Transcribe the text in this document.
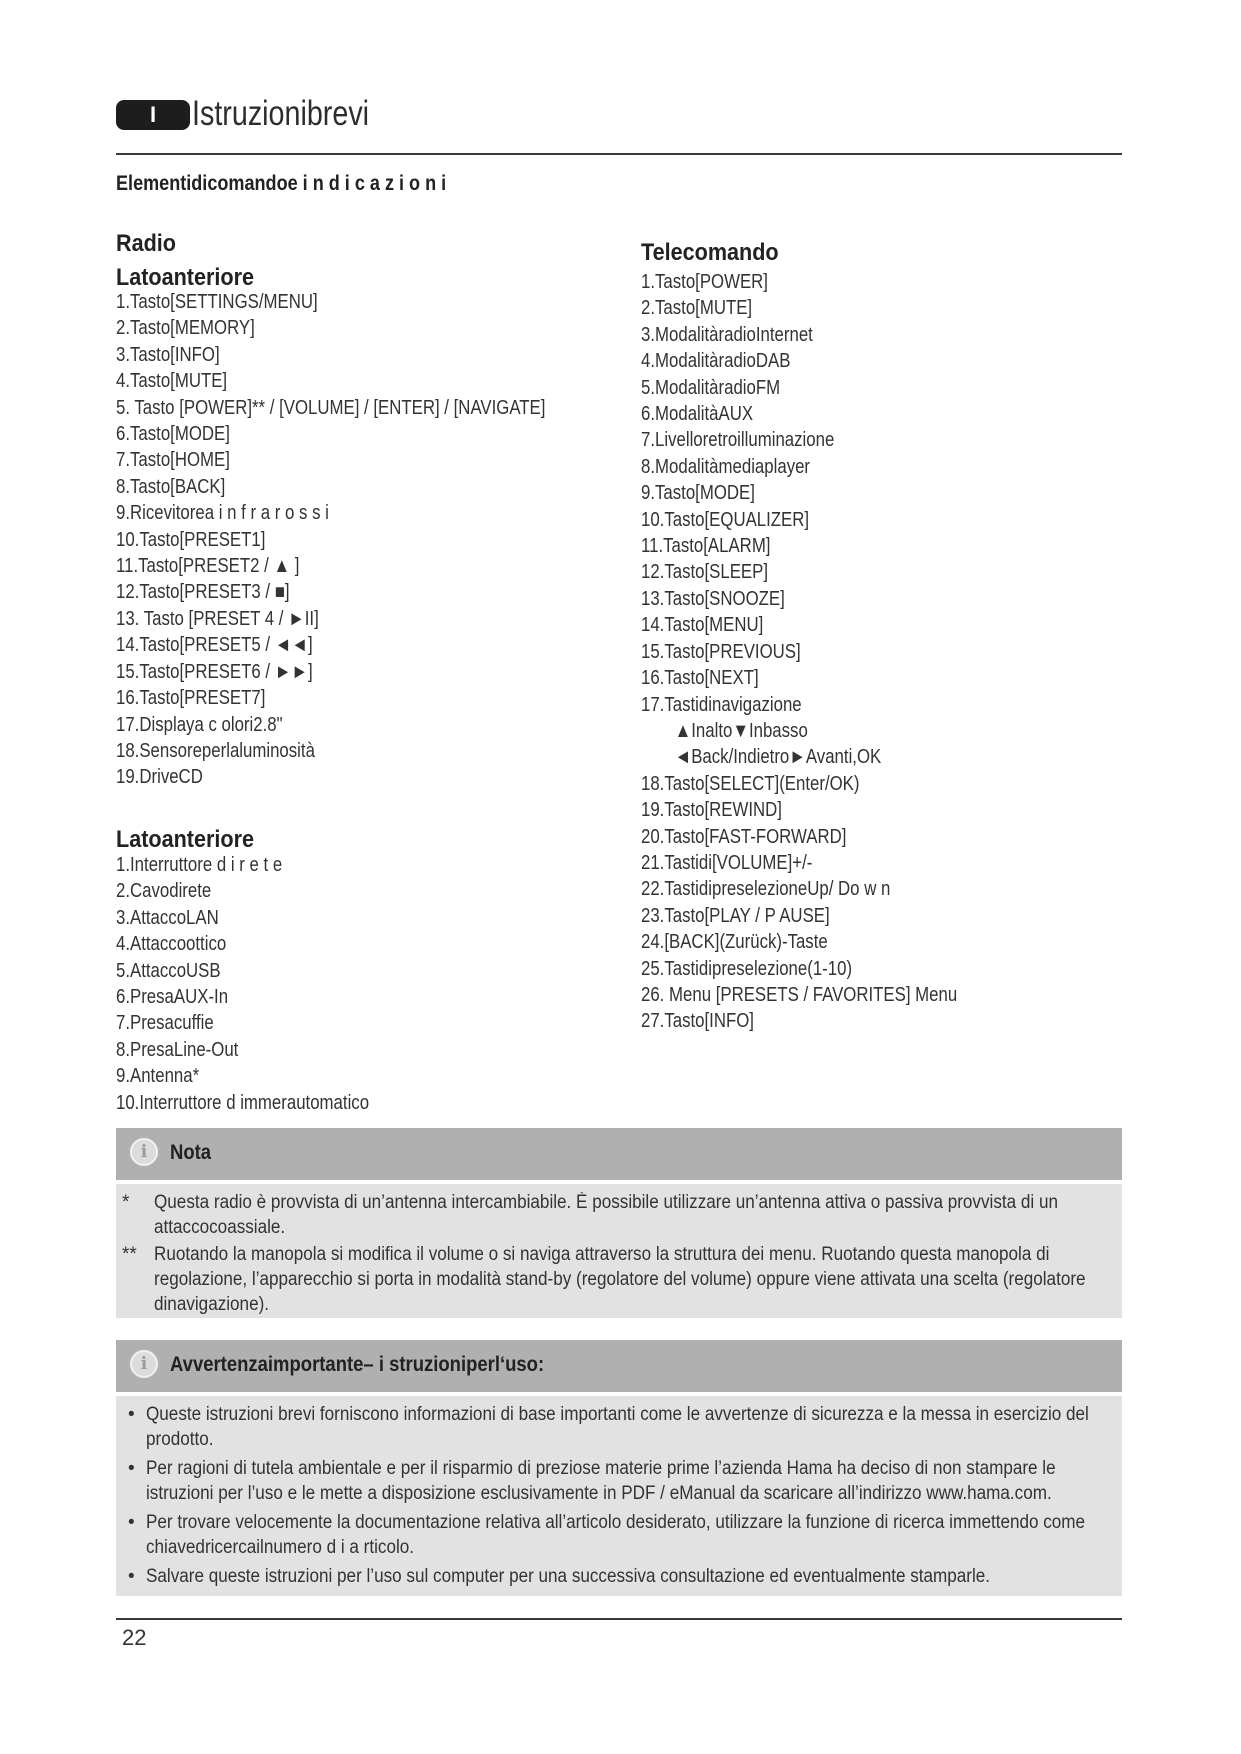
I	Istruzionibrevi
Elementidicomandoe i n d i c a z i o n i
Radio
Latoanteriore
1.Tasto[SETTINGS/MENU]
2.Tasto[MEMORY]
3.Tasto[INFO]
4.Tasto[MUTE]
5. Tasto [POWER]** / [VOLUME] / [ENTER] / [NAVIGATE]
6.Tasto[MODE]
7.Tasto[HOME]
8.Tasto[BACK]
9.Ricevitorea i n f r a r o s s i
10.Tasto[PRESET1]
11.Tasto[PRESET2 / ▲ ]
12.Tasto[PRESET3 / ■]
13. Tasto [PRESET 4 / ►II]
14.Tasto[PRESET5 / ◄◄]
15.Tasto[PRESET6 / ►►]
16.Tasto[PRESET7]
17.Displaya c olori2.8"
18.Sensoreperlaluminosità
19.DriveCD
Latoanteriore
1.Interruttore d i r e t e
2.Cavodirete
3.AttaccoLAN
4.Attaccoottico
5.AttaccoUSB
6.PresaAUX-In
7.Presacuffie
8.PresaLine-Out
9.Antenna*
10.Interruttore d immerautomatico
Telecomando
1.Tasto[POWER]
2.Tasto[MUTE]
3.ModalitàradioInternet
4.ModalitàradioDAB
5.ModalitàradioFM
6.ModalitàAUX
7.Livelloretroilluminazione
8.Modalitàmediaplayer
9.Tasto[MODE]
10.Tasto[EQUALIZER]
11.Tasto[ALARM]
12.Tasto[SLEEP]
13.Tasto[SNOOZE]
14.Tasto[MENU]
15.Tasto[PREVIOUS]
16.Tasto[NEXT]
17.Tastidinavigazione
▲Inalto▼Inbasso
◄Back/Indietro►Avanti,OK
18.Tasto[SELECT](Enter/OK)
19.Tasto[REWIND]
20.Tasto[FAST-FORWARD]
21.Tastidi[VOLUME]+/-
22.TastidipreselezioneUp/ Do w n
23.Tasto[PLAY / P AUSE]
24.[BACK](Zurück)-Taste
25.Tastidipreselezione(1-10)
26. Menu [PRESETS / FAVORITES] Menu
27.Tasto[INFO]
i	Nota
* Questa radio è provvista di un’antenna intercambiabile. È possibile utilizzare un’antenna attiva o passiva provvista di un attaccocoassiale.
** Ruotando la manopola si modifica il volume o si naviga attraverso la struttura dei menu. Ruotando questa manopola di regolazione, l’apparecchio si porta in modalità stand-by (regolatore del volume) oppure viene attivata una scelta (regolatore dinavigazione).
i	Avvertenzaimportante– i struzioniperl‘uso:
• Queste istruzioni brevi forniscono informazioni di base importanti come le avvertenze di sicurezza e la messa in esercizio del prodotto.
• Per ragioni di tutela ambientale e per il risparmio di preziose materie prime l’azienda Hama ha deciso di non stampare le istruzioni per l’uso e le mette a disposizione esclusivamente in PDF / eManual da scaricare all’indirizzo www.hama.com.
• Per trovare velocemente la documentazione relativa all’articolo desiderato, utilizzare la funzione di ricerca immettendo come chiavedricercailnumero d i a rticolo.
• Salvare queste istruzioni per l’uso sul computer per una successiva consultazione ed eventualmente stamparle.
22
